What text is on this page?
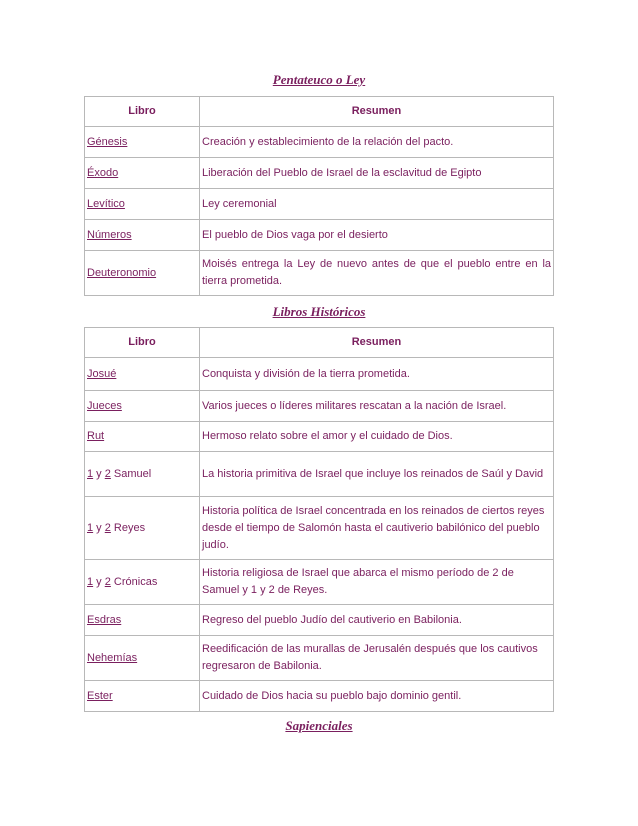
Pentateuco o Ley
Libro	Resumen
Génesis	Creación y establecimiento de la relación del pacto.
Éxodo	Liberación del Pueblo de Israel de la esclavitud de Egipto
Levítico	Ley ceremonial
Números	El pueblo de Dios vaga por el desierto
Deuteronomio	Moisés entrega la Ley de nuevo antes de que el pueblo entre en la tierra prometida.
Libros Históricos
Libro	Resumen
Josué	Conquista y división de la tierra prometida.
Jueces	Varios jueces o líderes militares rescatan a la nación de Israel.
Rut	Hermoso relato sobre el amor y el cuidado de Dios.
1 y 2 Samuel	La historia primitiva de Israel que incluye los reinados de Saúl y David
1 y 2 Reyes	Historia política de Israel concentrada en los reinados de ciertos reyes desde el tiempo de Salomón hasta el cautiverio babilónico del pueblo judío.
1 y 2 Crónicas	Historia religiosa de Israel que abarca el mismo período de 2 de Samuel y 1 y 2 de Reyes.
Esdras	Regreso del pueblo Judío del cautiverio en Babilonia.
Nehemías	Reedificación de las murallas de Jerusalén después que los cautivos regresaron de Babilonia.
Ester	Cuidado de Dios hacia su pueblo bajo dominio gentil.
Sapienciales
